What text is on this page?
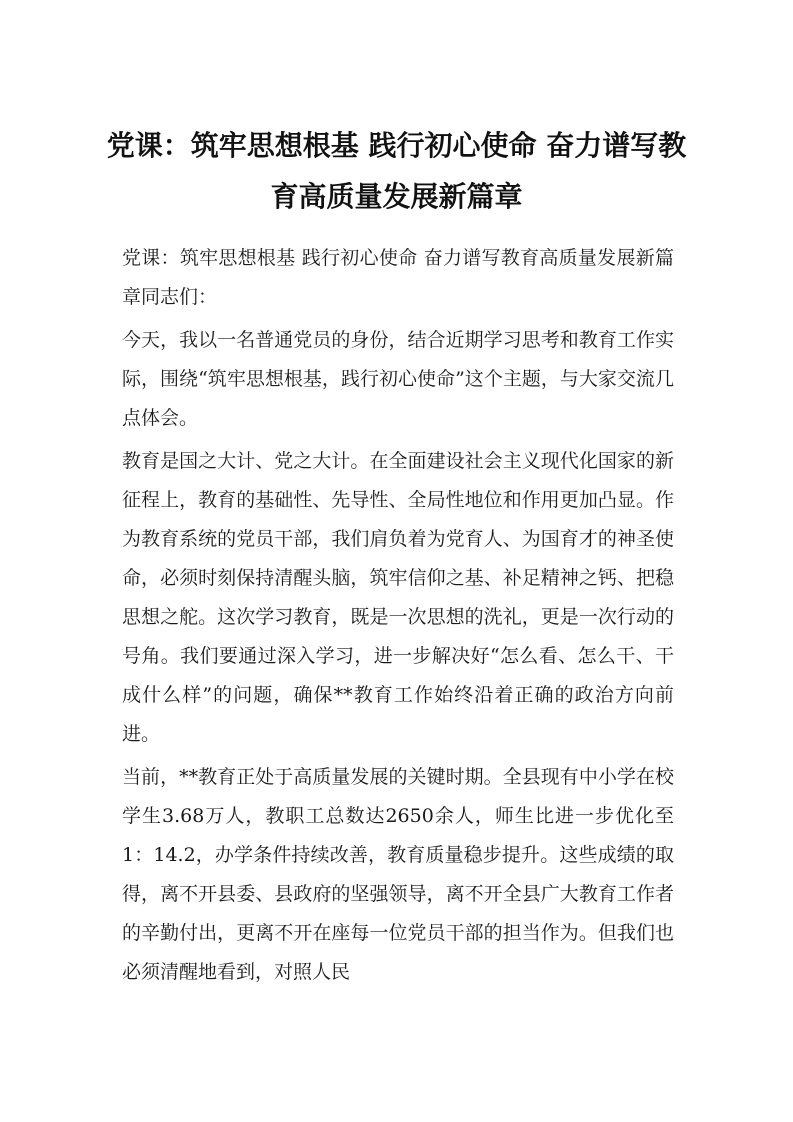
党课：筑牢思想根基 践行初心使命 奋力谱写教育高质量发展新篇章

党课：筑牢思想根基 践行初心使命 奋力谱写教育高质量发展新篇章同志们：

今天，我以一名普通党员的身份，结合近期学习思考和教育工作实际，围绕“筑牢思想根基，践行初心使命”这个主题，与大家交流几点体会。

教育是国之大计、党之大计。在全面建设社会主义现代化国家的新征程上，教育的基础性、先导性、全局性地位和作用更加凸显。作为教育系统的党员干部，我们肩负着为党育人、为国育才的神圣使命，必须时刻保持清醒头脑，筑牢信仰之基、补足精神之钙、把稳思想之舵。这次学习教育，既是一次思想的洗礼，更是一次行动的号角。我们要通过深入学习，进一步解决好“怎么看、怎么干、干成什么样”的问题，确保**教育工作始终沿着正确的政治方向前进。

当前，**教育正处于高质量发展的关键时期。全县现有中小学在校学生3.68万人，教职工总数达2650余人，师生比进一步优化至1：14.2，办学条件持续改善，教育质量稳步提升。这些成绩的取得，离不开县委、县政府的坚强领导，离不开全县广大教育工作者的辛勤付出，更离不开在座每一位党员干部的担当作为。但我们也必须清醒地看到，对照人民
